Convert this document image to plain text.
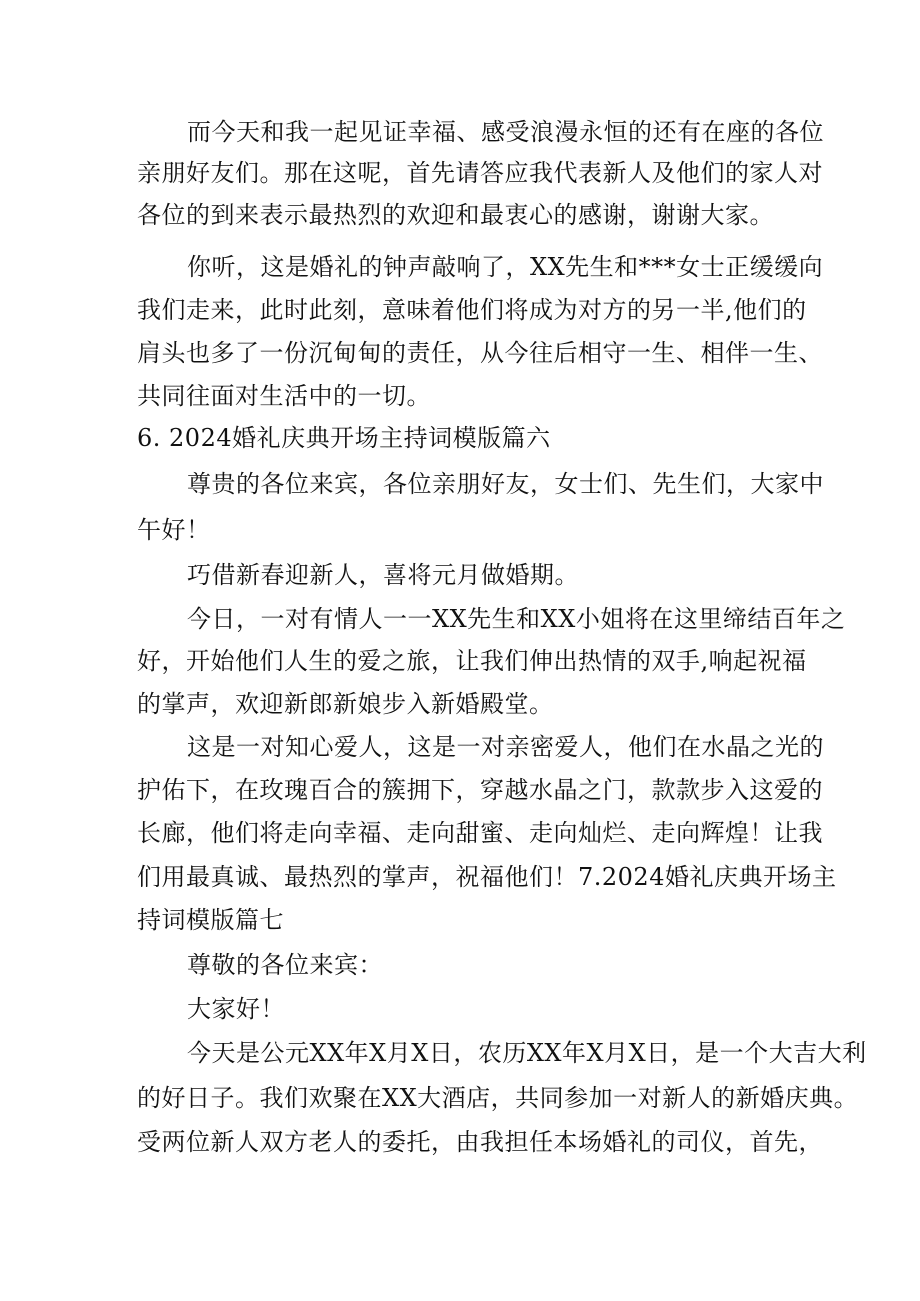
而今天和我一起见证幸福、感受浪漫永恒的还有在座的各位
亲朋好友们。那在这呢，首先请答应我代表新人及他们的家人对
各位的到来表示最热烈的欢迎和最衷心的感谢，谢谢大家。
你听，这是婚礼的钟声敲响了，XX先生和***女士正缓缓向
我们走来，此时此刻，意味着他们将成为对方的另一半,他们的
肩头也多了一份沉甸甸的责任，从今往后相守一生、相伴一生、
共同往面对生活中的一切。
6. 2024婚礼庆典开场主持词模版篇六
尊贵的各位来宾，各位亲朋好友，女士们、先生们，大家中
午好！
巧借新春迎新人，喜将元月做婚期。
今日，一对有情人一一XX先生和XX小姐将在这里缔结百年之
好，开始他们人生的爱之旅，让我们伸出热情的双手,响起祝福
的掌声，欢迎新郎新娘步入新婚殿堂。
这是一对知心爱人，这是一对亲密爱人，他们在水晶之光的
护佑下，在玫瑰百合的簇拥下，穿越水晶之门，款款步入这爱的
长廊，他们将走向幸福、走向甜蜜、走向灿烂、走向辉煌！让我
们用最真诚、最热烈的掌声，祝福他们！7.2024婚礼庆典开场主
持词模版篇七
尊敬的各位来宾：
大家好！
今天是公元XX年X月X日，农历XX年X月X日，是一个大吉大利
的好日子。我们欢聚在XX大酒店，共同参加一对新人的新婚庆典。
受两位新人双方老人的委托，由我担任本场婚礼的司仪，首先，
